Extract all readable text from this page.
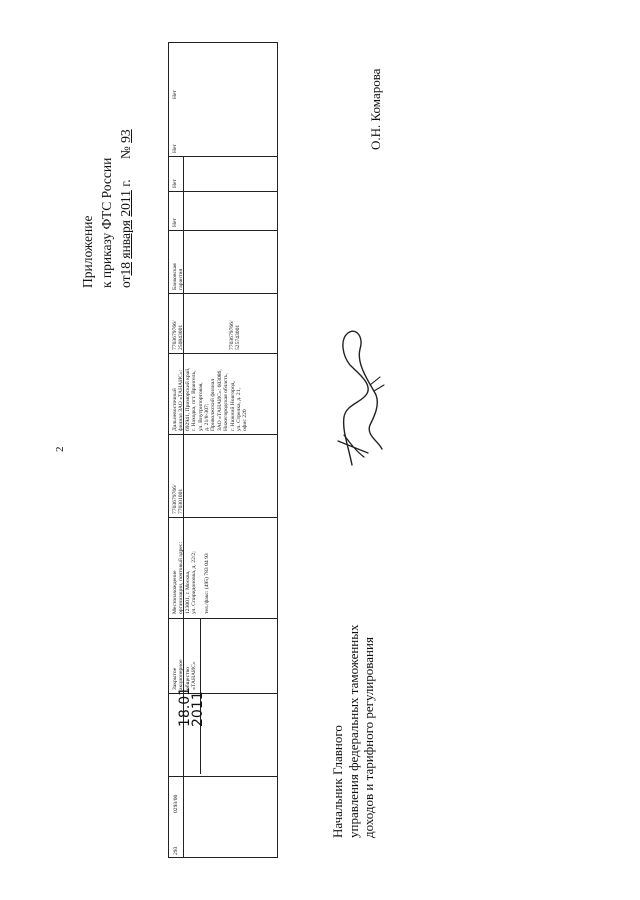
2
Приложение к приказу ФТС России от18 января 2011 г.      № 93
293
0293/00
18.01
2011
Закрытое акционерное общество «ТАНАИС»
Местонахождение организации, почтовый адрес: 123001, г. Москва, ул. Спиридоновка, д. 22/2;
тел./факс: (495) 783 04 93
7703679766/ 770301001
Дальневосточный филиал ЗАО «ТАНАИС»: 692941, Приморский край, г. Находка, пгт. Врангель, ул. Внутрипортовая, д. 21/8-307; Приволжский филиал ЗАО «ТАНАИС»: 603086, Нижегородская область, г. Нижний Новгород, ул. Стрелка, д. 21, офис 220
7703679766/ 250843001	7703679766/ 525743001
Банковская гарантия
Нет
Нет
Нет
Нет	О.Н. Комарова
Начальник Главного управления федеральных таможенных доходов и тарифного регулирования
